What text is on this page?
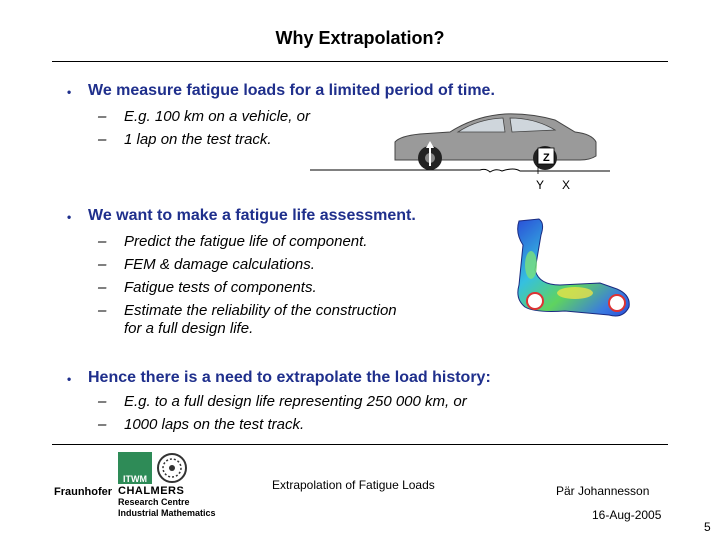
Why Extrapolation?
• We measure fatigue loads for a limited period of time.
– E.g. 100 km on a vehicle, or
– 1 lap on the test track.
Z
Y X
• We want to make a fatigue life assessment.
– Predict the fatigue life of component.
– FEM & damage calculations.
– Fatigue tests of components.
– Estimate the reliability of the construction
for a full design life.
• Hence there is a need to extrapolate the load history:
– E.g. to a full design life representing 250 000 km, or
– 1000 laps on the test track.
ITWM
Fraunhofer CHALMERS
Research Centre
Industrial Mathematics
Extrapolation of Fatigue Loads	Pär Johannesson
16-Aug-2005
5
